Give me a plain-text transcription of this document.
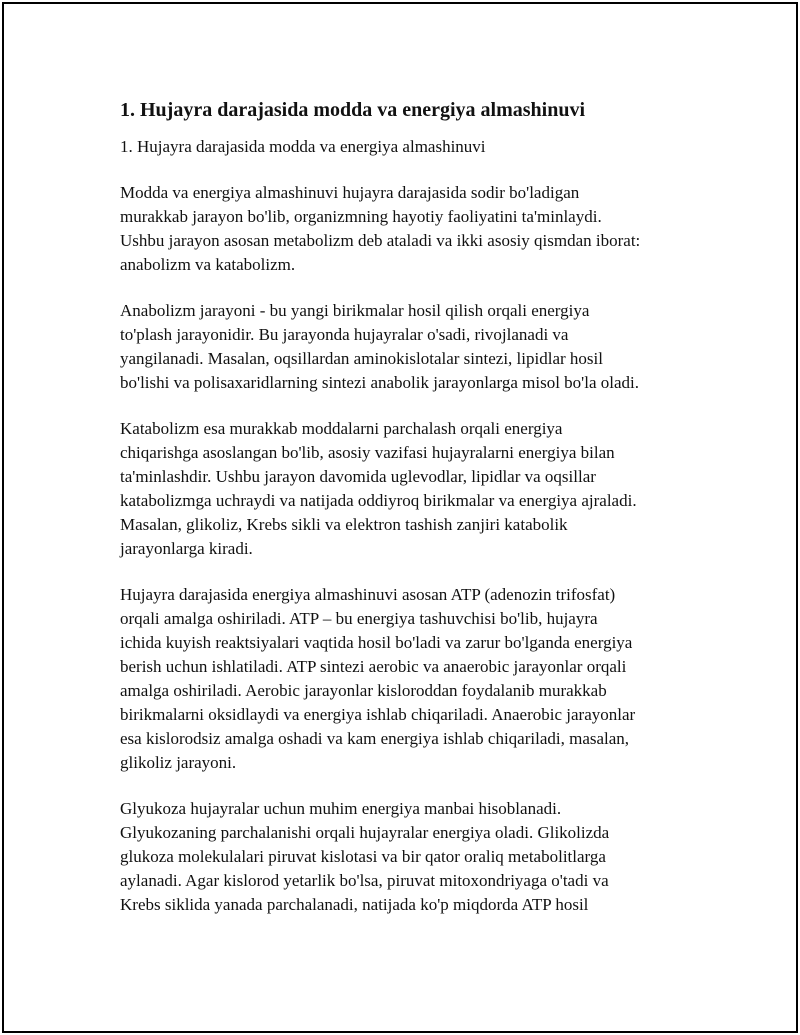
1. Hujayra darajasida modda va energiya almashinuvi
1. Hujayra darajasida modda va energiya almashinuvi

Modda va energiya almashinuvi hujayra darajasida sodir bo'ladigan
murakkab jarayon bo'lib, organizmning hayotiy faoliyatini ta'minlaydi.
Ushbu jarayon asosan metabolizm deb ataladi va ikki asosiy qismdan iborat:
anabolizm va katabolizm.

Anabolizm jarayoni - bu yangi birikmalar hosil qilish orqali energiya
to'plash jarayonidir. Bu jarayonda hujayralar o'sadi, rivojlanadi va
yangilanadi. Masalan, oqsillardan aminokislotalar sintezi, lipidlar hosil
bo'lishi va polisaxaridlarning sintezi anabolik jarayonlarga misol bo'la oladi.

Katabolizm esa murakkab moddalarni parchalash orqali energiya
chiqarishga asoslangan bo'lib, asosiy vazifasi hujayralarni energiya bilan
ta'minlashdir. Ushbu jarayon davomida uglevodlar, lipidlar va oqsillar
katabolizmga uchraydi va natijada oddiyroq birikmalar va energiya ajraladi.
Masalan, glikoliz, Krebs sikli va elektron tashish zanjiri katabolik
jarayonlarga kiradi.

Hujayra darajasida energiya almashinuvi asosan ATP (adenozin trifosfat)
orqali amalga oshiriladi. ATP – bu energiya tashuvchisi bo'lib, hujayra
ichida kuyish reaktsiyalari vaqtida hosil bo'ladi va zarur bo'lganda energiya
berish uchun ishlatiladi. ATP sintezi aerobic va anaerobic jarayonlar orqali
amalga oshiriladi. Aerobic jarayonlar kisloroddan foydalanib murakkab
birikmalarni oksidlaydi va energiya ishlab chiqariladi. Anaerobic jarayonlar
esa kislorodsiz amalga oshadi va kam energiya ishlab chiqariladi, masalan,
glikoliz jarayoni.

Glyukoza hujayralar uchun muhim energiya manbai hisoblanadi.
Glyukozaning parchalanishi orqali hujayralar energiya oladi. Glikolizda
glukoza molekulalari piruvat kislotasi va bir qator oraliq metabolitlarga
aylanadi. Agar kislorod yetarlik bo'lsa, piruvat mitoxondriyaga o'tadi va
Krebs siklida yanada parchalanadi, natijada ko'p miqdorda ATP hosil
